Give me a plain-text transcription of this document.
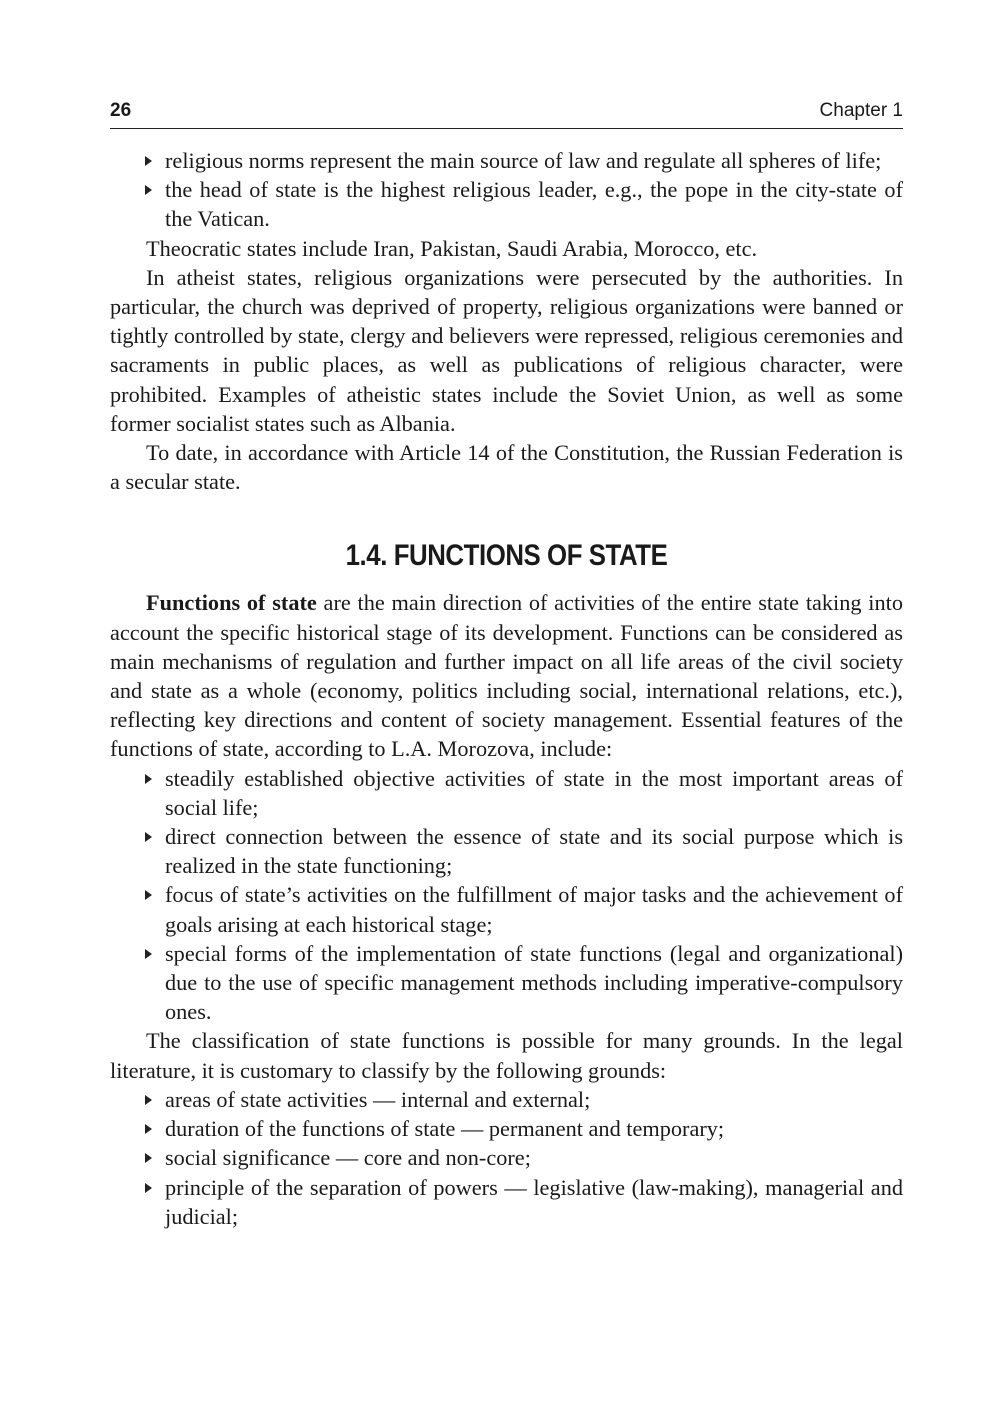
26	Chapter 1
religious norms represent the main source of law and regulate all spheres of life;
the head of state is the highest religious leader, e.g., the pope in the city-state of the Vatican.

Theocratic states include Iran, Pakistan, Saudi Arabia, Morocco, etc.

In atheist states, religious organizations were persecuted by the authorities. In particular, the church was deprived of property, religious organizations were banned or tightly controlled by state, clergy and believers were repressed, religious ceremonies and sacraments in public places, as well as publications of religious character, were prohibited. Examples of atheistic states include the Soviet Union, as well as some former socialist states such as Albania.

To date, in accordance with Article 14 of the Constitution, the Russian Federation is a secular state.

1.4. FUNCTIONS OF STATE

Functions of state are the main direction of activities of the entire state taking into account the specific historical stage of its development. Functions can be considered as main mechanisms of regulation and further impact on all life areas of the civil society and state as a whole (economy, politics including social, international relations, etc.), reflecting key directions and content of society management. Essential features of the functions of state, according to L.A. Morozova, include:

steadily established objective activities of state in the most important areas of social life;
direct connection between the essence of state and its social purpose which is realized in the state functioning;
focus of state’s activities on the fulfillment of major tasks and the achievement of goals arising at each historical stage;
special forms of the implementation of state functions (legal and organizational) due to the use of specific management methods including imperative-compulsory ones.

The classification of state functions is possible for many grounds. In the legal literature, it is customary to classify by the following grounds:

areas of state activities — internal and external;
duration of the functions of state — permanent and temporary;
social significance — core and non-core;
principle of the separation of powers — legislative (law-making), managerial and judicial;
